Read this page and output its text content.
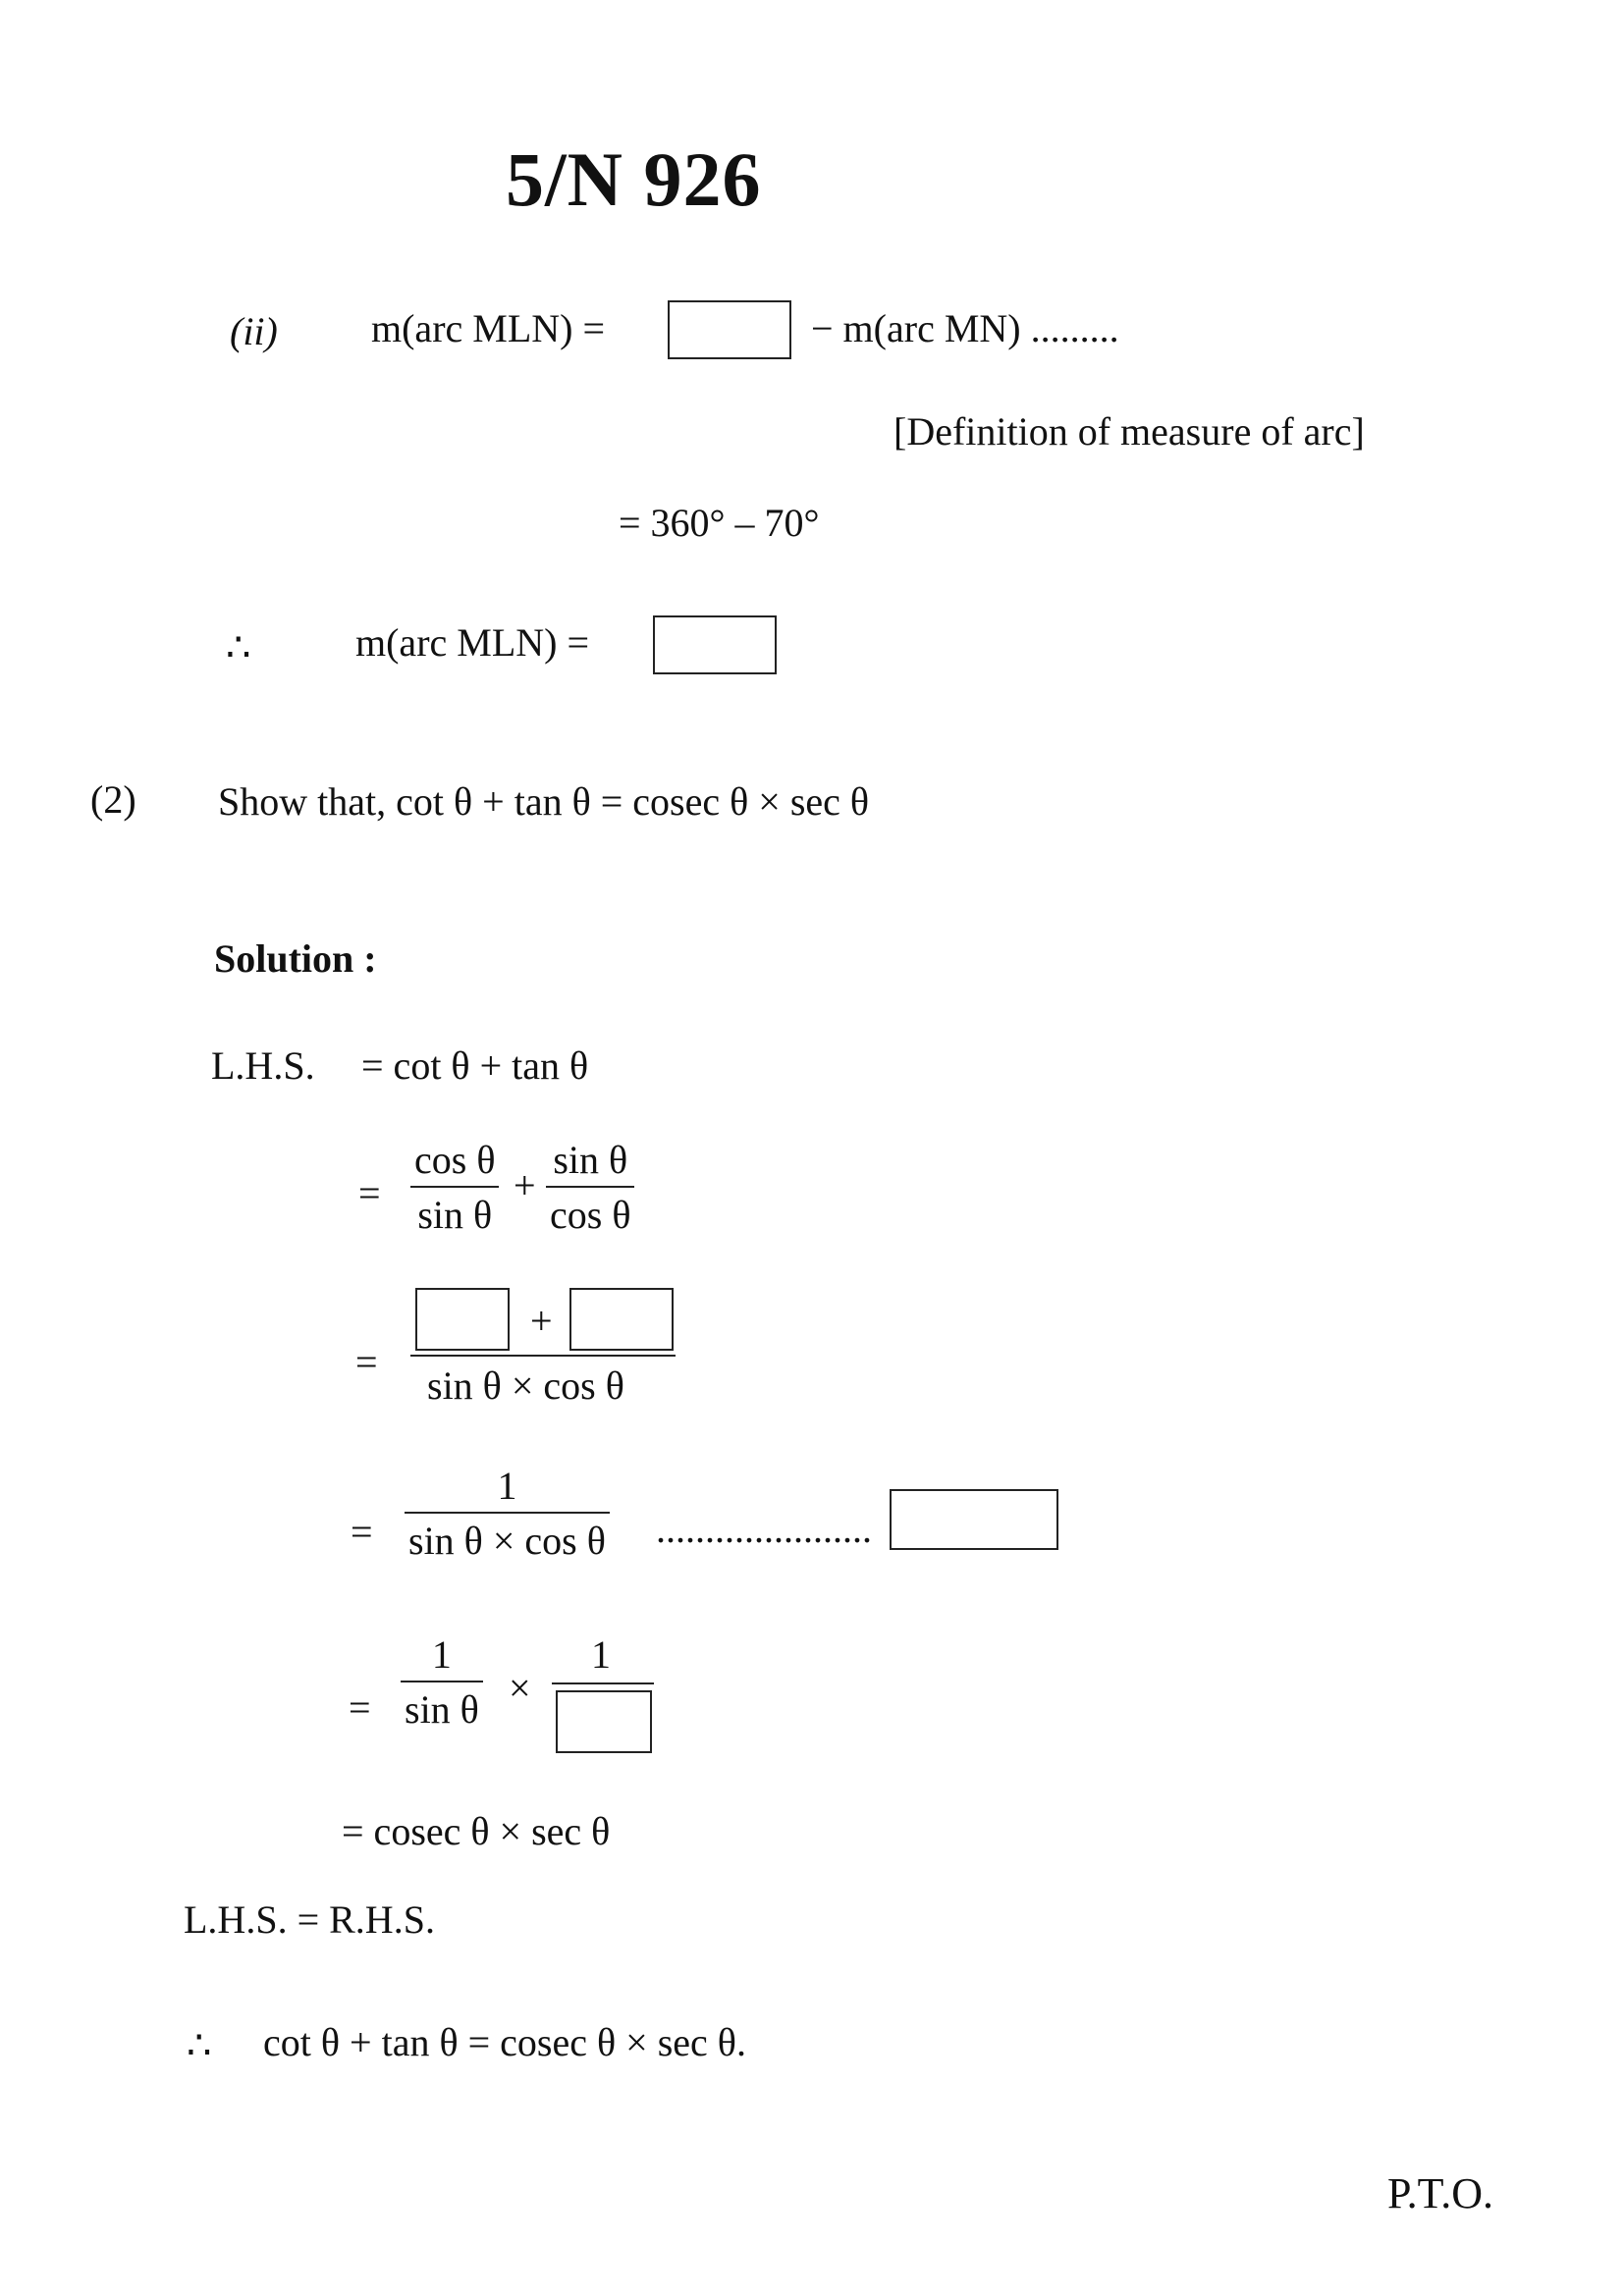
5/N 926
(ii) m(arc MLN) =	− m(arc MN) .........
[Definition of measure of arc]
= 360° – 70°
∴	m(arc MLN) =
(2) Show that, cot θ + tan θ = cosec θ × sec θ
Solution :
L.H.S. = cot θ + tan θ
=
cos θ
sin θ
+
sin θ
cos θ
=
+
sin θ × cos θ
=
1
sin θ × cos θ ......................
=
1
sin θ ×
1
= cosec θ × sec θ
L.H.S. = R.H.S.
∴ cot θ + tan θ = cosec θ × sec θ.
P.T.O.
